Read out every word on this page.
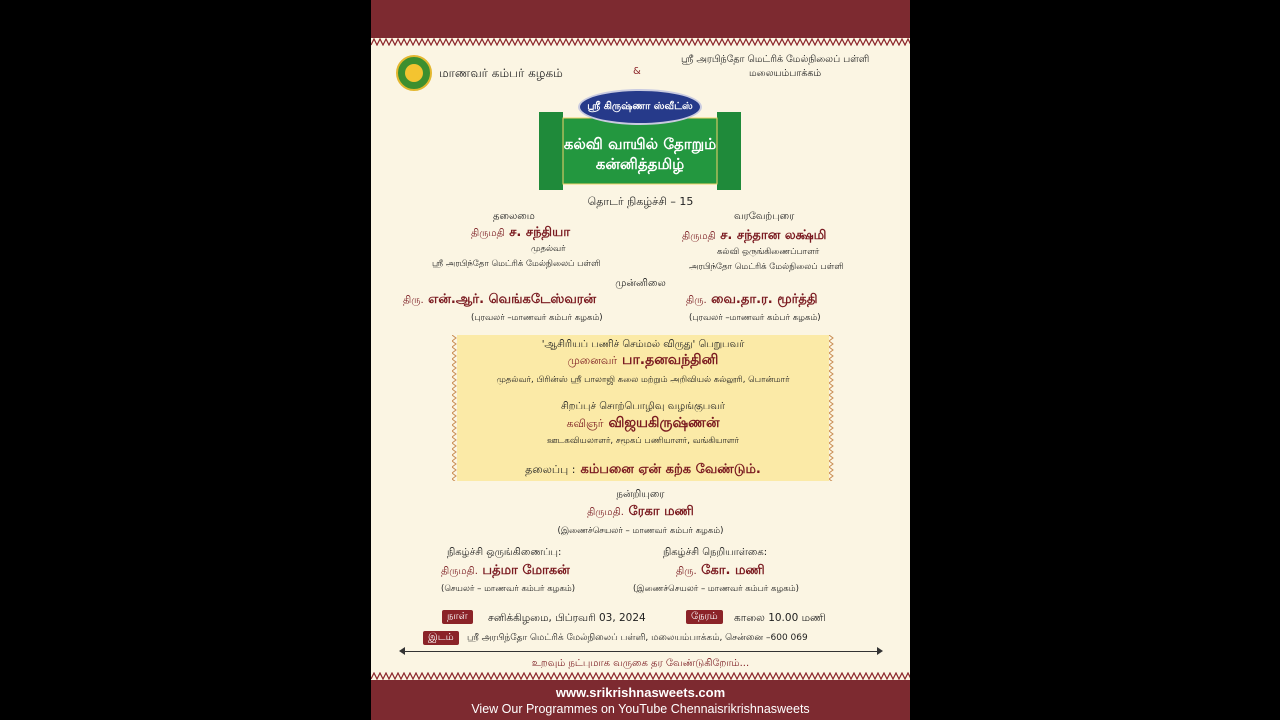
மாணவர் கம்பர் கழகம்	&
ஸ்ரீ அரபிந்தோ மெட்ரிக் மேல்நிலைப் பள்ளி
மலையம்பாக்கம்
ஸ்ரீ கிருஷ்ணா ஸ்வீட்ஸ்
கல்வி வாயில் தோறும்
கன்னித்தமிழ்
தொடர் நிகழ்ச்சி – 15
தலைமை
திருமதி ச. சந்தியா
முதல்வர்
ஸ்ரீ அரபிந்தோ மெட்ரிக் மேல்நிலைப் பள்ளி
வரவேற்புரை
திருமதி ச. சந்தான லக்ஷ்மி
கல்வி ஒருங்கிணைப்பாளர்
அரபிந்தோ மெட்ரிக் மேல்நிலைப் பள்ளி
முன்னிலை
திரு. என்.ஆர். வெங்கடேஸ்வரன்
(புரவலர் –மாணவர் கம்பர் கழகம்)
திரு. வை.தா.ர. மூர்த்தி
(புரவலர் –மாணவர் கம்பர் கழகம்)
'ஆசிரியப் பணிச் செம்மல் விருது' பெறுபவர்
முனைவர் பா.தனவந்தினி
முதல்வர், பிரின்ஸ் ஸ்ரீ பாலாஜி கலை மற்றும் அறிவியல் கல்லூரி, பொன்மார்
சிறப்புச் சொற்பொழிவு வழங்குபவர்
கவிஞர் விஜயகிருஷ்ணன்
ஊடகவியலாளர், சமூகப் பணியாளர், வங்கியாளர்
தலைப்பு : கம்பனை ஏன் கற்க வேண்டும்.
நன்றியுரை
திருமதி. ரேகா மணி
(இணைச்செயலர் – மாணவர் கம்பர் கழகம்)
நிகழ்ச்சி ஒருங்கிணைப்பு:
திருமதி. பத்மா மோகன்
(செயலர் – மாணவர் கம்பர் கழகம்)
நிகழ்ச்சி நெறியாள்கை:
திரு. கோ. மணி
(இணைச்செயலர் – மாணவர் கம்பர் கழகம்)
நாள்	சனிக்கிழமை, பிப்ரவரி 03, 2024	நேரம்	காலை 10.00 மணி
இடம்	ஸ்ரீ அரபிந்தோ மெட்ரிக் மேல்நிலைப் பள்ளி, மலையம்பாக்கம், சென்னை –600 069
உறவும் நட்புமாக வருகை தர வேண்டுகிறோம்...
www.srikrishnasweets.com
View Our Programmes on YouTube Chennaisrikrishnasweets
